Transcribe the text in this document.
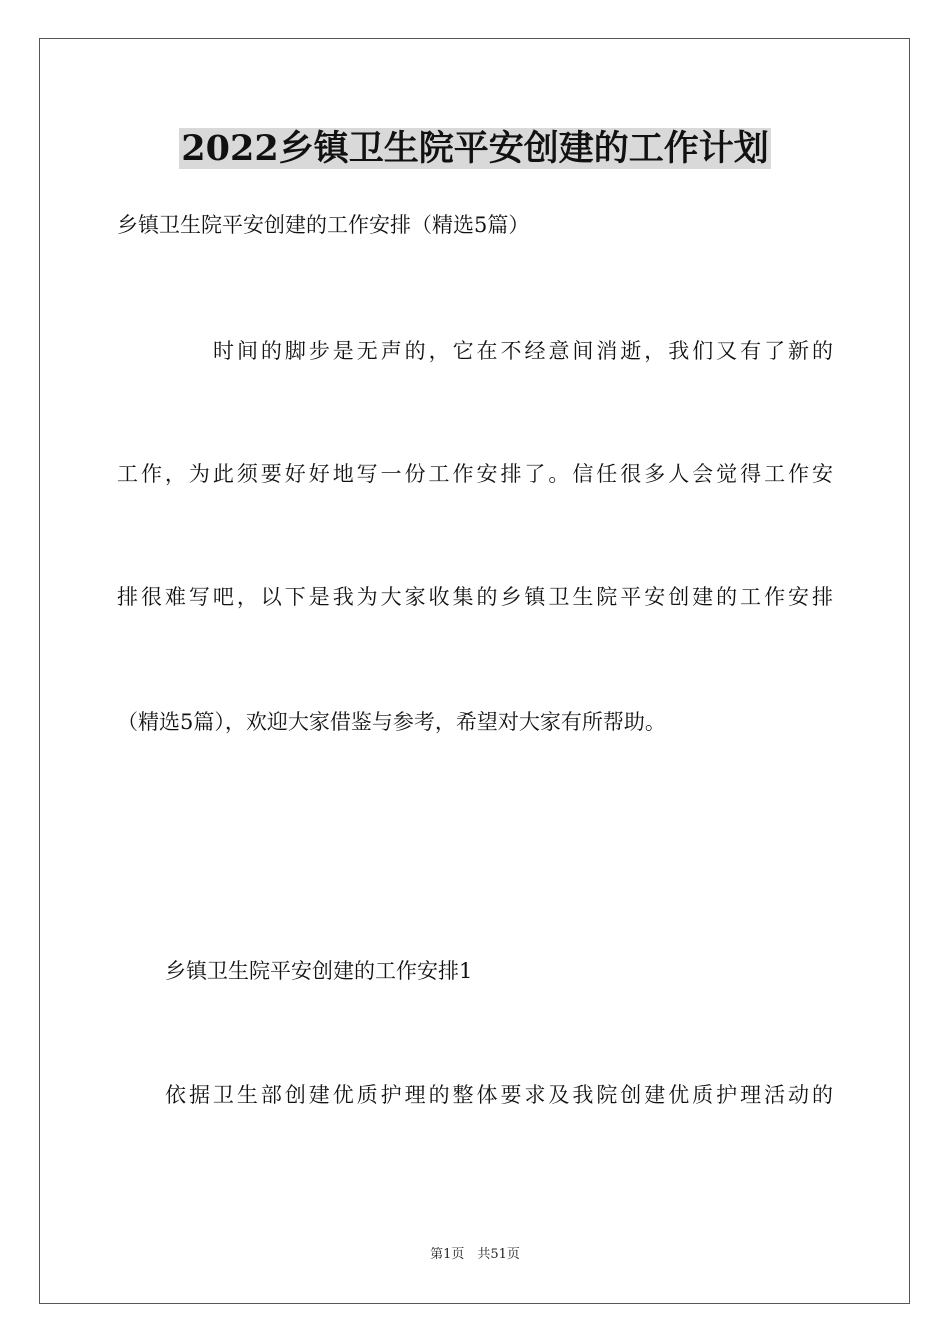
2022乡镇卫生院平安创建的工作计划

乡镇卫生院平安创建的工作安排（精选5篇）

时间的脚步是无声的，它在不经意间消逝，我们又有了新的

工作，为此须要好好地写一份工作安排了。信任很多人会觉得工作安

排很难写吧，以下是我为大家收集的乡镇卫生院平安创建的工作安排

（精选5篇），欢迎大家借鉴与参考，希望对大家有所帮助。

乡镇卫生院平安创建的工作安排1

依据卫生部创建优质护理的整体要求及我院创建优质护理活动的

第1页　共51页
